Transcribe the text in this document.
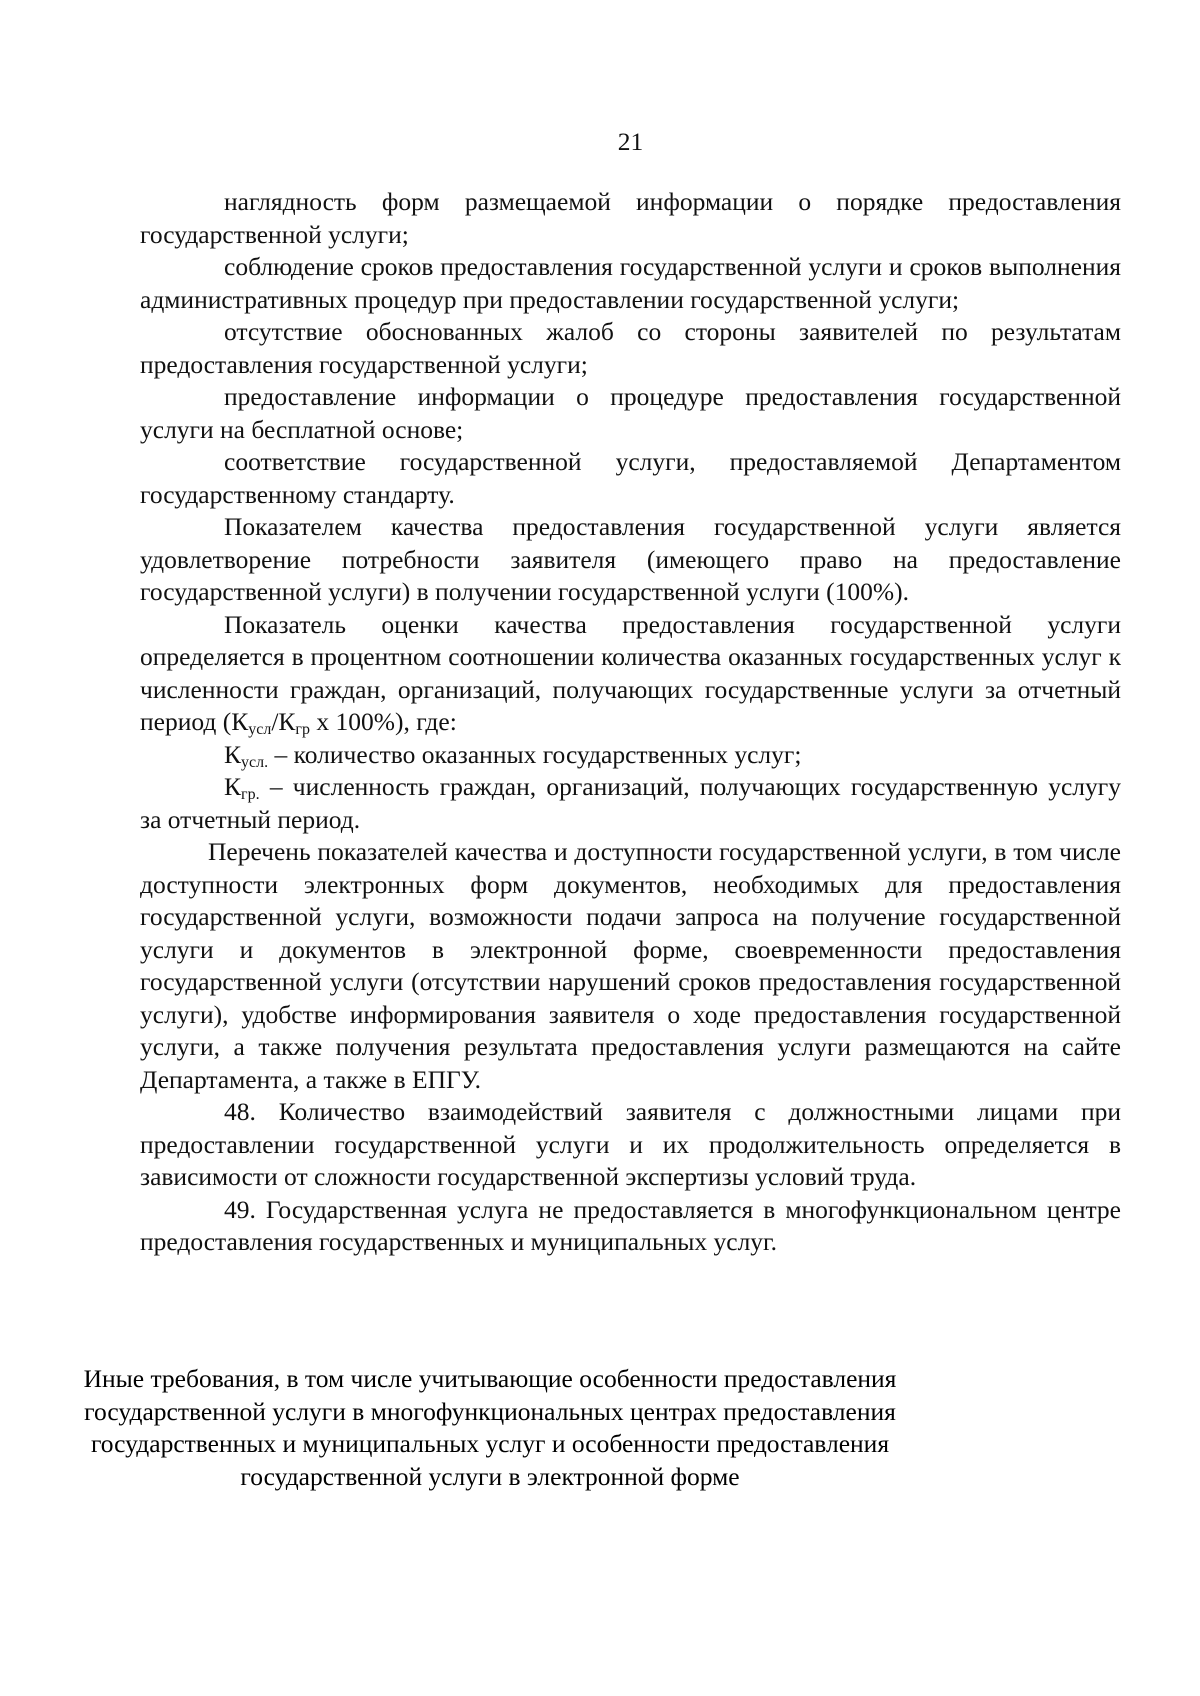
21

наглядность форм размещаемой информации о порядке предоставления государственной услуги;

соблюдение сроков предоставления государственной услуги и сроков выполнения административных процедур при предоставлении государственной услуги;

отсутствие обоснованных жалоб со стороны заявителей по результатам предоставления государственной услуги;

предоставление информации о процедуре предоставления государственной услуги на бесплатной основе;

соответствие государственной услуги, предоставляемой Департаментом государственному стандарту.

Показателем качества предоставления государственной услуги является удовлетворение потребности заявителя (имеющего право на предоставление государственной услуги) в получении государственной услуги (100%).

Показатель оценки качества предоставления государственной услуги определяется в процентном соотношении количества оказанных государственных услуг к численности граждан, организаций, получающих государственные услуги за отчетный период ($К_{усл}/К_{гр}$ х 100%), где:

$К_{усл.}$ – количество оказанных государственных услуг;

$К_{гр.}$ – численность граждан, организаций, получающих государственную услугу за отчетный период.

Перечень показателей качества и доступности государственной услуги, в том числе доступности электронных форм документов, необходимых для предоставления государственной услуги, возможности подачи запроса на получение государственной услуги и документов в электронной форме, своевременности предоставления государственной услуги (отсутствии нарушений сроков предоставления государственной услуги), удобстве информирования заявителя о ходе предоставления государственной услуги, а также получения результата предоставления услуги размещаются на сайте Департамента, а также в ЕПГУ.

48. Количество взаимодействий заявителя с должностными лицами при предоставлении государственной услуги и их продолжительность определяется в зависимости от сложности государственной экспертизы условий труда.

49. Государственная услуга не предоставляется в многофункциональном центре предоставления государственных и муниципальных услуг.

Иные требования, в том числе учитывающие особенности предоставления
государственной услуги в многофункциональных центрах предоставления
государственных и муниципальных услуг и особенности предоставления
государственной услуги в электронной форме
